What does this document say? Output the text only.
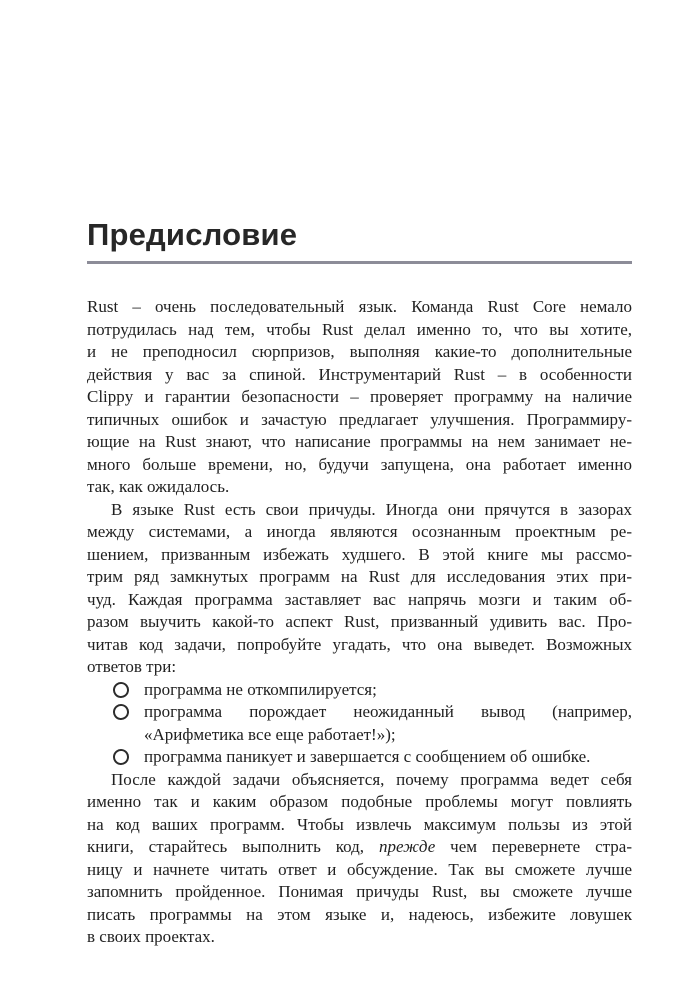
Предисловие
Rust – очень последовательный язык. Команда Rust Core немало
потрудилась над тем, чтобы Rust делал именно то, что вы хотите,
и не преподносил сюрпризов, выполняя какие-то дополнительные
действия у вас за спиной. Инструментарий Rust – в особенности
Clippy и гарантии безопасности – проверяет программу на наличие
типичных ошибок и зачастую предлагает улучшения. Программиру-
ющие на Rust знают, что написание программы на нем занимает не-
много больше времени, но, будучи запущена, она работает именно
так, как ожидалось.
В языке Rust есть свои причуды. Иногда они прячутся в зазорах
между системами, а иногда являются осознанным проектным ре-
шением, призванным избежать худшего. В этой книге мы рассмо-
трим ряд замкнутых программ на Rust для исследования этих при-
чуд. Каждая программа заставляет вас напрячь мозги и таким об-
разом выучить какой-то аспект Rust, призванный удивить вас. Про-
читав код задачи, попробуйте угадать, что она выведет. Возможных
ответов три:
программа не откомпилируется;
программа порождает неожиданный вывод (например,
«Арифметика все еще работает!»);
программа паникует и завершается с сообщением об ошибке.
После каждой задачи объясняется, почему программа ведет себя
именно так и каким образом подобные проблемы могут повлиять
на код ваших программ. Чтобы извлечь максимум пользы из этой
книги, старайтесь выполнить код, прежде чем перевернете стра-
ницу и начнете читать ответ и обсуждение. Так вы сможете лучше
запомнить пройденное. Понимая причуды Rust, вы сможете лучше
писать программы на этом языке и, надеюсь, избежите ловушек
в своих проектах.
